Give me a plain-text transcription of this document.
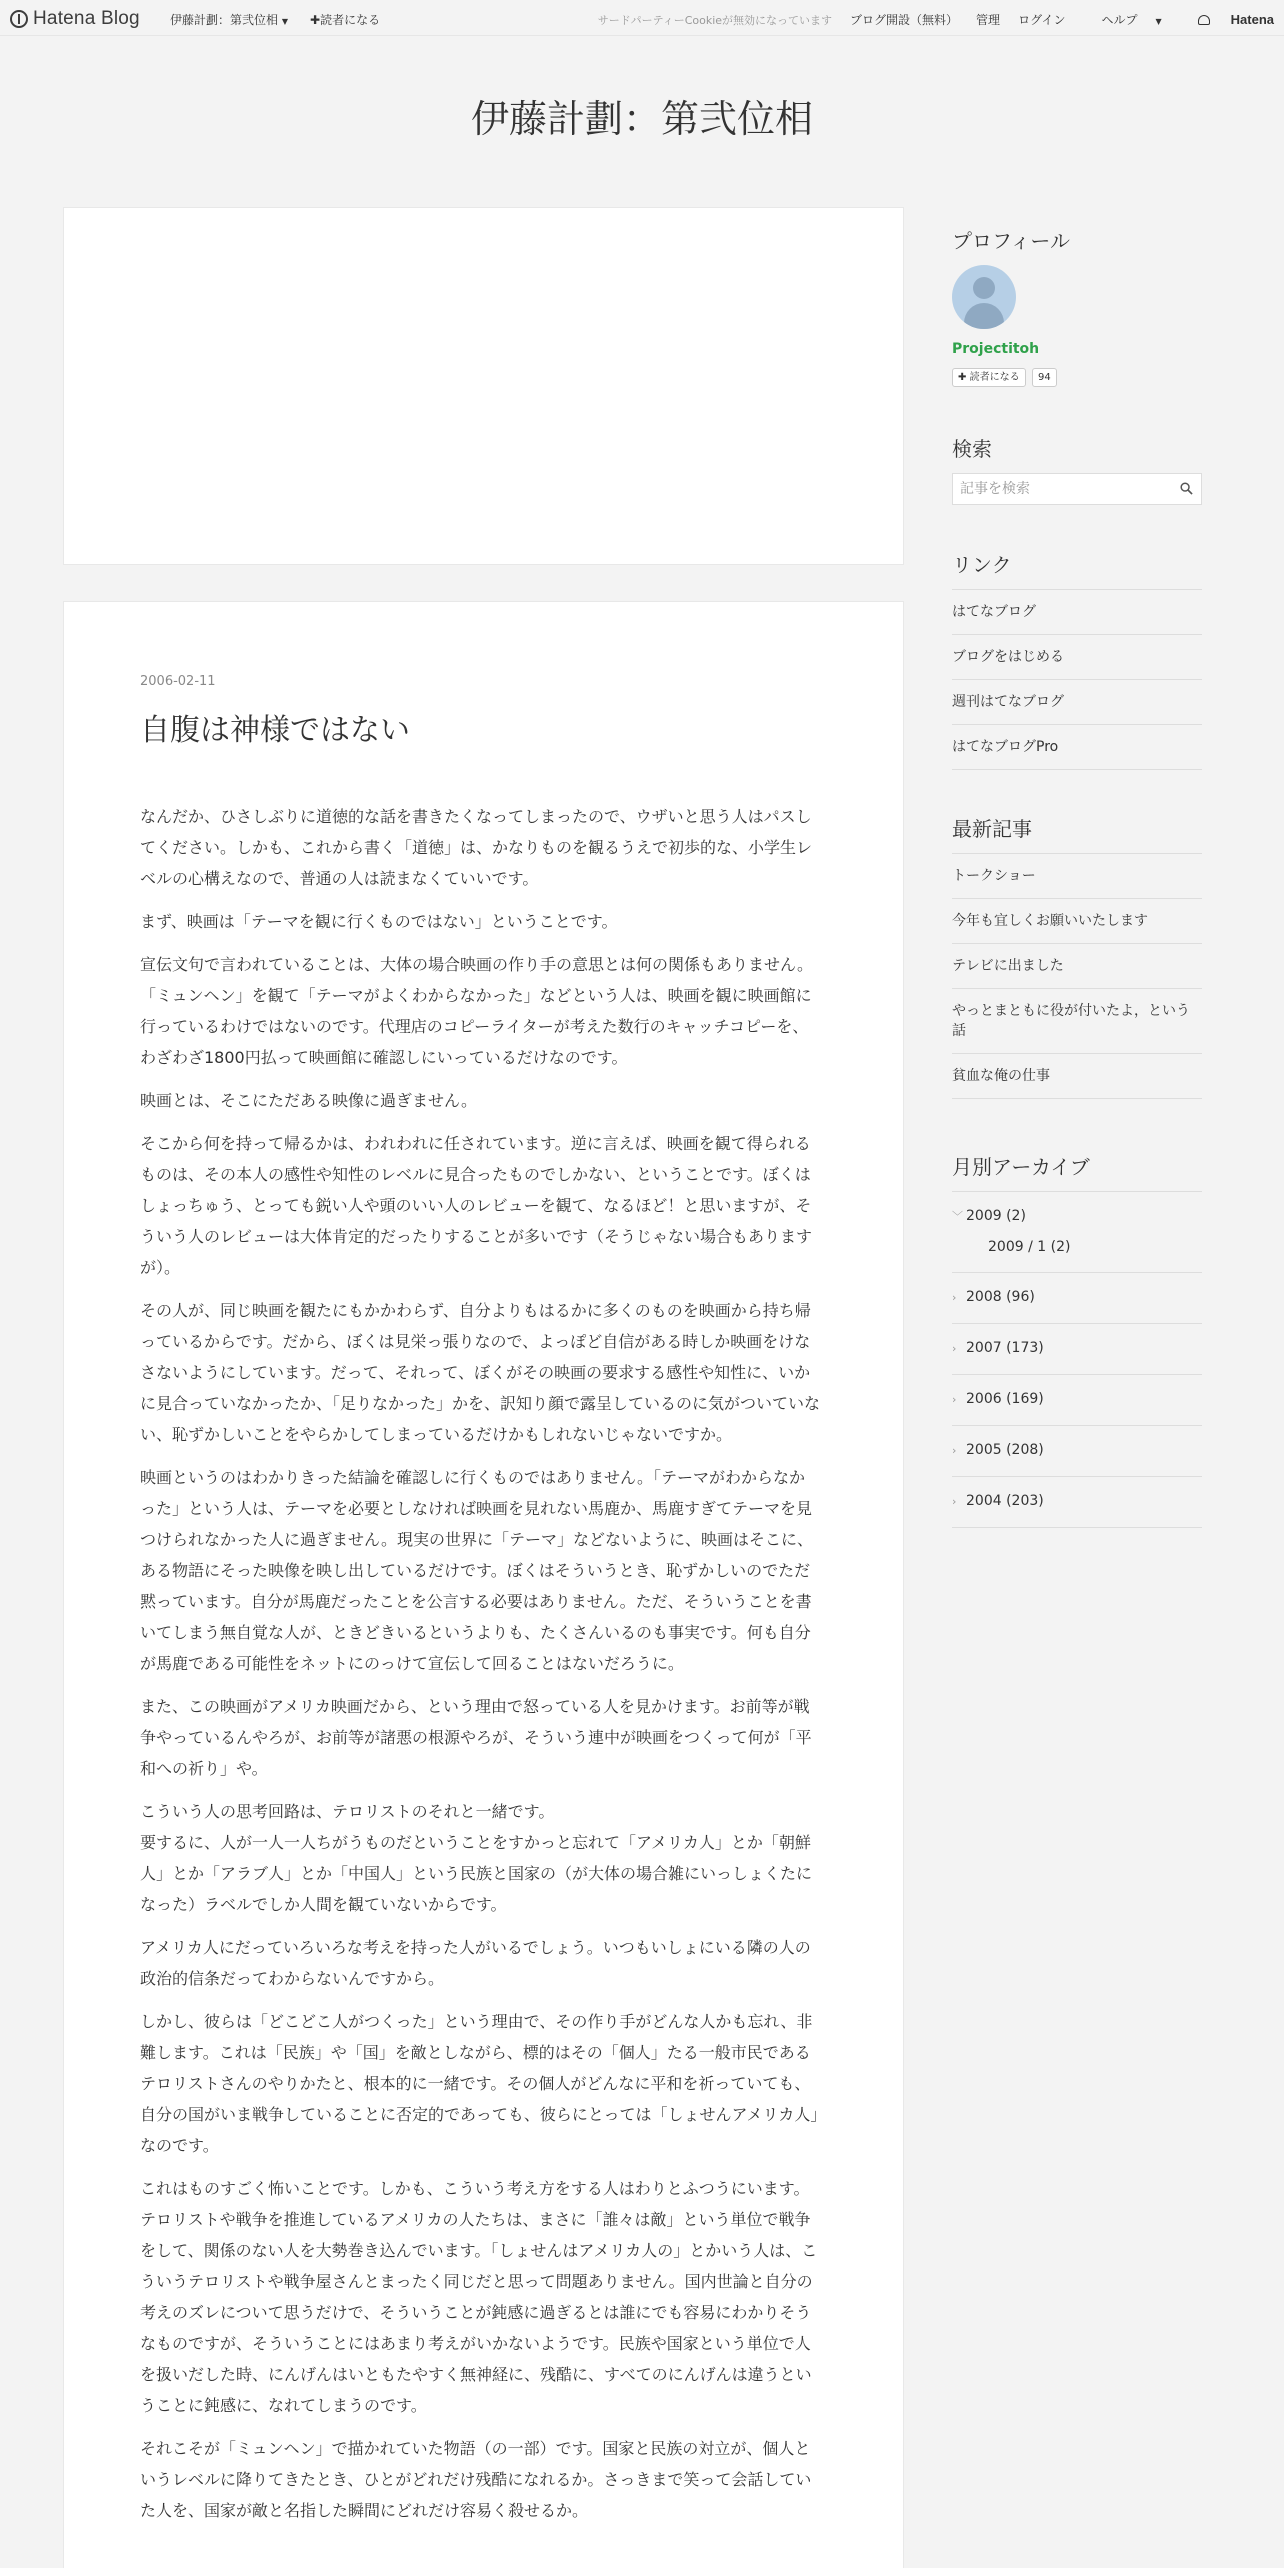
Hatena Blog	伊藤計劃：第弐位相 ▼ ✚読者になる	サードパーティーCookieが無効になっています ブログ開設（無料） 管理 ログイン	ヘルプ ▼	Hatena
伊藤計劃：第弐位相
2006-02-11
自腹は神様ではない

なんだか、ひさしぶりに道徳的な話を書きたくなってしまったので、ウザいと思う人はパスしてください。しかも、これから書く「道徳」は、かなりものを観るうえで初歩的な、小学生レベルの心構えなので、普通の人は読まなくていいです。

まず、映画は「テーマを観に行くものではない」ということです。

宣伝文句で言われていることは、大体の場合映画の作り手の意思とは何の関係もありません。「ミュンヘン」を観て「テーマがよくわからなかった」などという人は、映画を観に映画館に行っているわけではないのです。代理店のコピーライターが考えた数行のキャッチコピーを、わざわざ1800円払って映画館に確認しにいっているだけなのです。

映画とは、そこにただある映像に過ぎません。

そこから何を持って帰るかは、われわれに任されています。逆に言えば、映画を観て得られるものは、その本人の感性や知性のレベルに見合ったものでしかない、ということです。ぼくはしょっちゅう、とっても鋭い人や頭のいい人のレビューを観て、なるほど！と思いますが、そういう人のレビューは大体肯定的だったりすることが多いです（そうじゃない場合もありますが）。

その人が、同じ映画を観たにもかかわらず、自分よりもはるかに多くのものを映画から持ち帰っているからです。だから、ぼくは見栄っ張りなので、よっぽど自信がある時しか映画をけなさないようにしています。だって、それって、ぼくがその映画の要求する感性や知性に、いかに見合っていなかったか、「足りなかった」かを、訳知り顔で露呈しているのに気がついていない、恥ずかしいことをやらかしてしまっているだけかもしれないじゃないですか。

映画というのはわかりきった結論を確認しに行くものではありません。「テーマがわからなかった」という人は、テーマを必要としなければ映画を見れない馬鹿か、馬鹿すぎてテーマを見つけられなかった人に過ぎません。現実の世界に「テーマ」などないように、映画はそこに、ある物語にそった映像を映し出しているだけです。ぼくはそういうとき、恥ずかしいのでただ黙っています。自分が馬鹿だったことを公言する必要はありません。ただ、そういうことを書いてしまう無自覚な人が、ときどきいるというよりも、たくさんいるのも事実です。何も自分が馬鹿である可能性をネットにのっけて宣伝して回ることはないだろうに。

また、この映画がアメリカ映画だから、という理由で怒っている人を見かけます。お前等が戦争やっているんやろが、お前等が諸悪の根源やろが、そういう連中が映画をつくって何が「平和への祈り」や。

こういう人の思考回路は、テロリストのそれと一緒です。
要するに、人が一人一人ちがうものだということをすかっと忘れて「アメリカ人」とか「朝鮮人」とか「アラブ人」とか「中国人」という民族と国家の（が大体の場合雑にいっしょくたになった）ラベルでしか人間を観ていないからです。

アメリカ人にだっていろいろな考えを持った人がいるでしょう。いつもいしょにいる隣の人の政治的信条だってわからないんですから。

しかし、彼らは「どこどこ人がつくった」という理由で、その作り手がどんな人かも忘れ、非難します。これは「民族」や「国」を敵としながら、標的はその「個人」たる一般市民であるテロリストさんのやりかたと、根本的に一緒です。その個人がどんなに平和を祈っていても、自分の国がいま戦争していることに否定的であっても、彼らにとっては「しょせんアメリカ人」なのです。

これはものすごく怖いことです。しかも、こういう考え方をする人はわりとふつうにいます。テロリストや戦争を推進しているアメリカの人たちは、まさに「誰々は敵」という単位で戦争をして、関係のない人を大勢巻き込んでいます。「しょせんはアメリカ人の」とかいう人は、こういうテロリストや戦争屋さんとまったく同じだと思って問題ありません。国内世論と自分の考えのズレについて思うだけで、そういうことが鈍感に過ぎるとは誰にでも容易にわかりそうなものですが、そういうことにはあまり考えがいかないようです。民族や国家という単位で人を扱いだした時、にんげんはいともたやすく無神経に、残酷に、すべてのにんげんは違うということに鈍感に、なれてしまうのです。

それこそが「ミュンヘン」で描かれていた物語（の一部）です。国家と民族の対立が、個人というレベルに降りてきたとき、ひとがどれだけ残酷になれるか。さっきまで笑って会話していた人を、国家が敵と名指した瞬間にどれだけ容易く殺せるか。

プロフィール
Projectitoh
✚ 読者になる	94
検索
記事を検索
リンク
はてなブログ
ブログをはじめる
週刊はてなブログ
はてなブログPro
最新記事
トークショー
今年も宜しくお願いいたします
テレビに出ました
やっとまともに役が付いたよ，という話
貧血な俺の仕事
月別アーカイブ
﹀ 2009 (2)
2009 / 1 (2)
› 2008 (96)
› 2007 (173)
› 2006 (169)
› 2005 (208)
› 2004 (203)
